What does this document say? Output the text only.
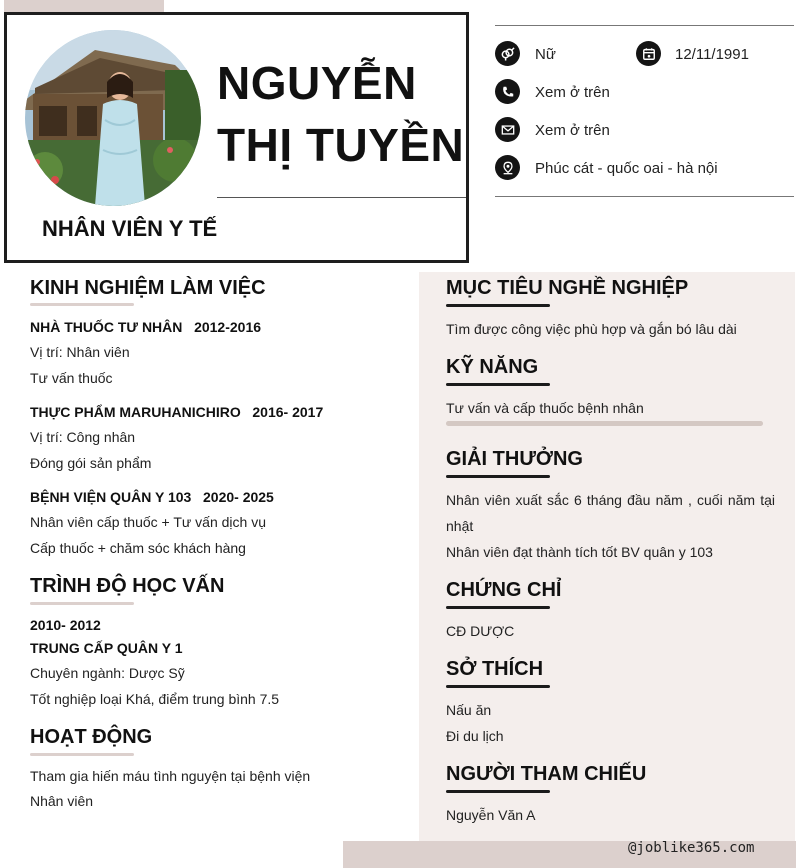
NGUYỄN
THỊ TUYỀN
NHÂN VIÊN Y TẾ
Nữ	12/11/1991
Xem ở trên
Xem ở trên
Phúc cát - quốc oai - hà nội
KINH NGHIỆM LÀM VIỆC
NHÀ THUỐC TƯ NHÂN 2012-2016
Vị trí: Nhân viên
Tư vấn thuốc
THỰC PHẨM MARUHANICHIRO 2016- 2017
Vị trí: Công nhân
Đóng gói sản phẩm
BỆNH VIỆN QUÂN Y 103 2020- 2025
Nhân viên cấp thuốc + Tư vấn dịch vụ
Cấp thuốc + chăm sóc khách hàng
TRÌNH ĐỘ HỌC VẤN
2010- 2012
TRUNG CẤP QUÂN Y 1
Chuyên ngành: Dược Sỹ
Tốt nghiệp loại Khá, điểm trung bình 7.5
HOẠT ĐỘNG
Tham gia hiến máu tình nguyện tại bệnh viện
Nhân viên
MỤC TIÊU NGHỀ NGHIỆP
Tìm được công việc phù hợp và gắn bó lâu dài
KỸ NĂNG
Tư vấn và cấp thuốc bệnh nhân
GIẢI THƯỞNG
Nhân viên xuất sắc 6 tháng đầu năm , cuối năm tại nhật
Nhân viên đạt thành tích tốt BV quân y 103
CHỨNG CHỈ
CĐ DƯỢC
SỞ THÍCH
Nấu ăn
Đi du lịch
NGƯỜI THAM CHIẾU
Nguyễn Văn A
@joblike365.com
